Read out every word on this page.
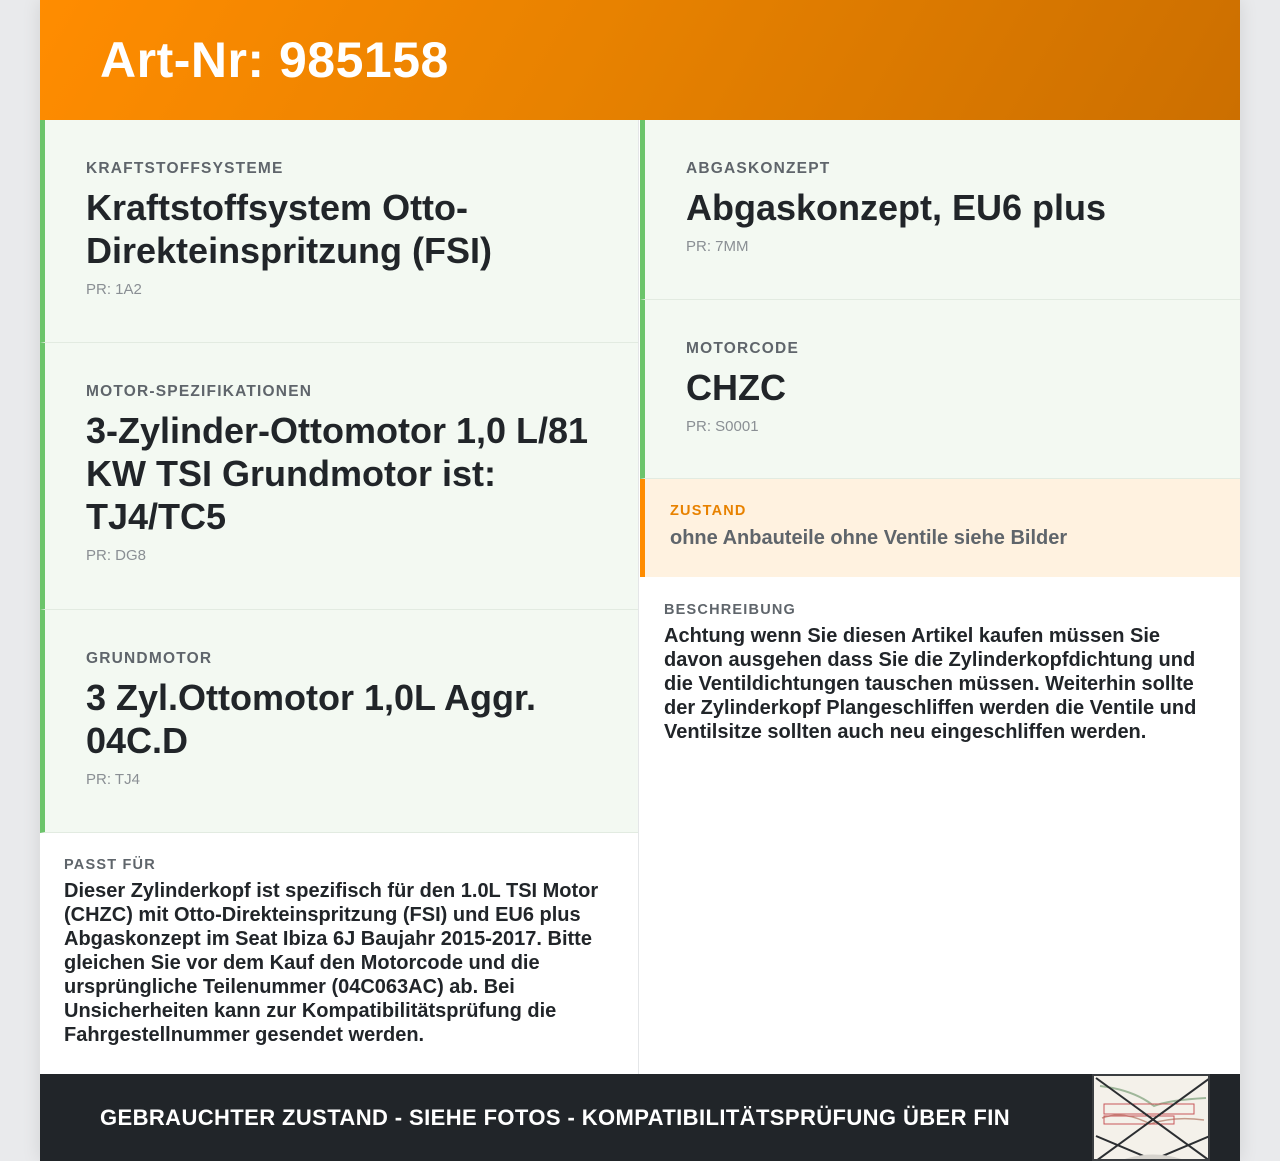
Art-Nr: 985158
KRAFTSTOFFSYSTEME
Kraftstoffsystem Otto-Direkteinspritzung (FSI)
PR: 1A2
MOTOR-SPEZIFIKATIONEN
3-Zylinder-Ottomotor 1,0 L/81 KW TSI Grundmotor ist: TJ4/TC5
PR: DG8
GRUNDMOTOR
3 Zyl.Ottomotor 1,0L Aggr. 04C.D
PR: TJ4
PASST FÜR
Dieser Zylinderkopf ist spezifisch für den 1.0L TSI Motor (CHZC) mit Otto-Direkteinspritzung (FSI) und EU6 plus Abgaskonzept im Seat Ibiza 6J Baujahr 2015-2017. Bitte gleichen Sie vor dem Kauf den Motorcode und die ursprüngliche Teilenummer (04C063AC) ab. Bei Unsicherheiten kann zur Kompatibilitätsprüfung die Fahrgestellnummer gesendet werden.
ABGASKONZEPT
Abgaskonzept, EU6 plus
PR: 7MM
MOTORCODE
CHZC
PR: S0001
ZUSTAND
ohne Anbauteile ohne Ventile siehe Bilder
BESCHREIBUNG
Achtung wenn Sie diesen Artikel kaufen müssen Sie davon ausgehen dass Sie die Zylinderkopfdichtung und die Ventildichtungen tauschen müssen. Weiterhin sollte der Zylinderkopf Plangeschliffen werden die Ventile und Ventilsitze sollten auch neu eingeschliffen werden.
GEBRAUCHTER ZUSTAND - SIEHE FOTOS - KOMPATIBILITÄTSPRÜFUNG ÜBER FIN
